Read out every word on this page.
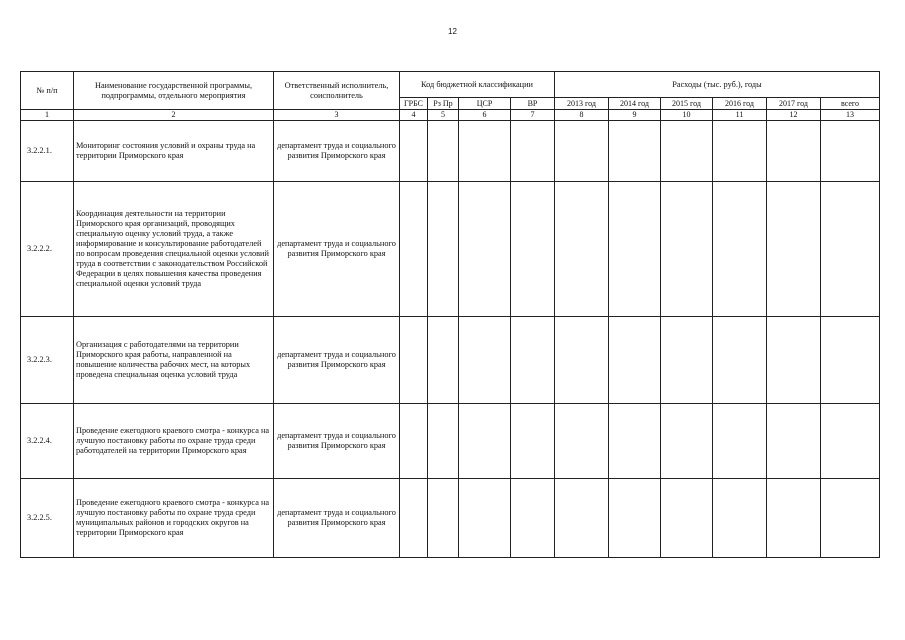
12
№ п/п	Наименование государственной программы, подпрограммы, отдельного мероприятия	Ответственный исполнитель, соисполнитель	Код бюджетной классификации				Расходы (тыс. руб.), годы					
			ГРБС	Рз Пр	ЦСР	ВР	2013 год	2014 год	2015 год	2016 год	2017 год	всего
1	2	3	4	5	6	7	8	9	10	11	12	13
3.2.2.1.	Мониторинг состояния условий и охраны труда на территории Приморского края	департамент труда и социального развития Приморского края										
3.2.2.2.	Координация деятельности на территории Приморского края организаций, проводящих специальную оценку условий труда, а также информирование и консультирование работодателей по вопросам проведения специальной оценки условий труда в соответствии с законодательством Российской Федерации в целях повышения качества проведения специальной оценки условий труда	департамент труда и социального развития Приморского края										
3.2.2.3.	Организация с работодателями на территории Приморского края работы, направленной на повышение количества рабочих мест, на которых проведена специальная оценка условий труда	департамент труда и социального развития Приморского края										
3.2.2.4.	Проведение ежегодного краевого смотра - конкурса на лучшую постановку работы по охране труда среди работодателей на территории Приморского края	департамент труда и социального развития Приморского края										
3.2.2.5.	Проведение ежегодного краевого смотра - конкурса на лучшую постановку работы по охране труда среди муниципальных районов и городских округов на территории Приморского края	департамент труда и социального развития Приморского края										
